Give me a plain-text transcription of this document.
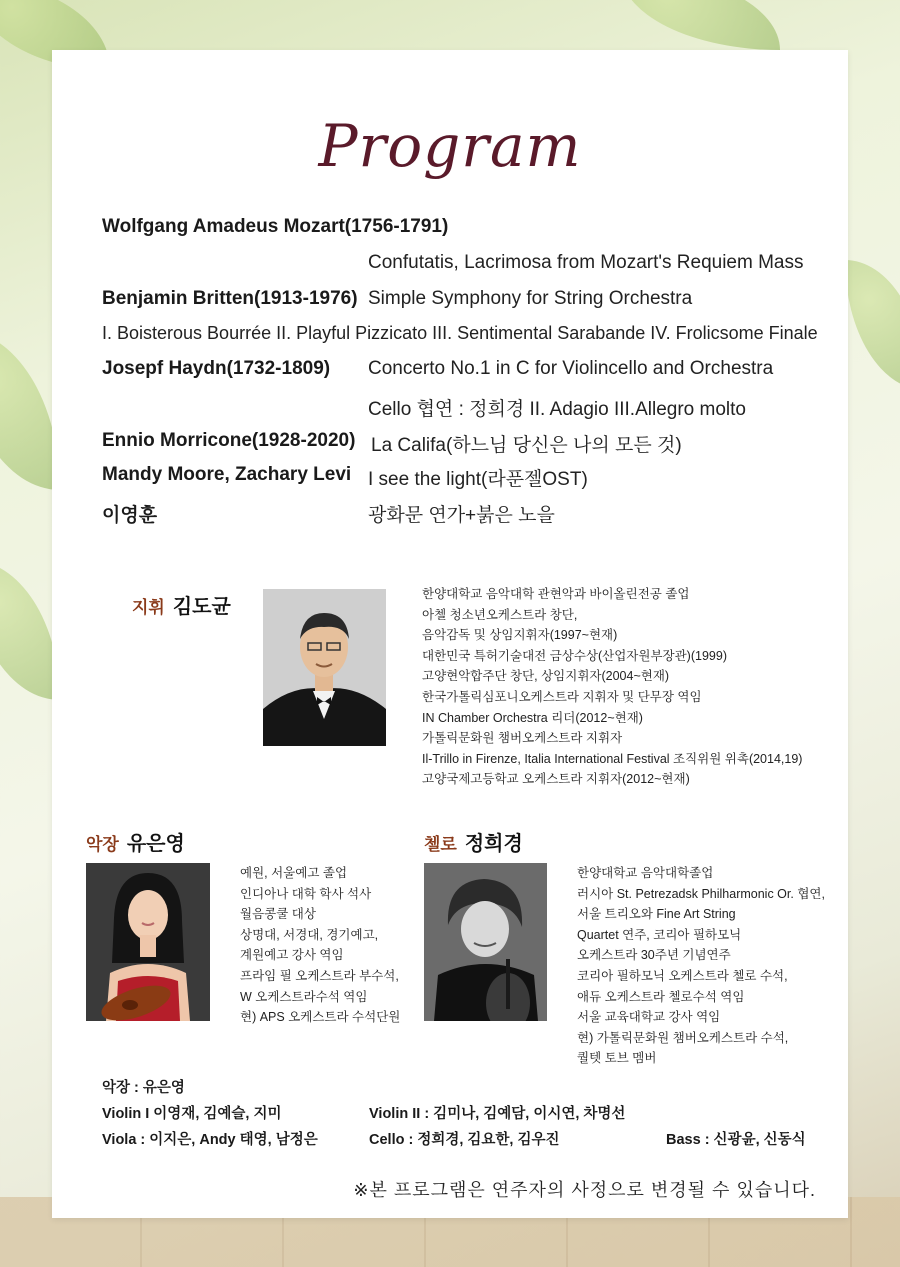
Program
Wolfgang Amadeus Mozart(1756-1791)
Confutatis, Lacrimosa from Mozart's Requiem Mass
Benjamin Britten(1913-1976) Simple Symphony for String Orchestra
I. Boisterous Bourrée II. Playful Pizzicato III. Sentimental Sarabande IV. Frolicsome Finale
Josepf Haydn(1732-1809) Concerto No.1 in C for Violincello and Orchestra
Cello 협연 : 정희경 II. Adagio III.Allegro molto
Ennio Morricone(1928-2020) La Califa(하느님 당신은 나의 모든 것)
Mandy Moore, Zachary Levi I see the light(라푼젤OST)
이영훈	광화문 연가+붉은 노을
지휘 김도균
한양대학교 음악대학 관현악과 바이올린전공 졸업
아첼 청소년오케스트라 창단,
음악감독 및 상임지휘자(1997~현재)
대한민국 특허기술대전 금상수상(산업자원부장관)(1999)
고양현악합주단 창단, 상임지휘자(2004~현재)
한국가톨릭심포니오케스트라 지휘자 및 단무장 역임
IN Chamber Orchestra 리더(2012~현재)
가톨릭문화원 챔버오케스트라 지휘자
Il-Trillo in Firenze, Italia International Festival 조직위원 위촉(2014,19)
고양국제고등학교 오케스트라 지휘자(2012~현재)
악장 유은영
예원, 서울예고 졸업
인디아나 대학 학사 석사
월음콩쿨 대상
상명대, 서경대, 경기예고,
계원예고 강사 역임
프라임 필 오케스트라 부수석,
W 오케스트라수석 역임
현) APS 오케스트라 수석단원
첼로 정희경
한양대학교 음악대학졸업
러시아 St. Petrezadsk Philharmonic Or. 협연,
서울 트리오와 Fine Art String
Quartet 연주, 코리아 필하모닉
오케스트라 30주년 기념연주
코리아 필하모닉 오케스트라 첼로 수석,
애듀 오케스트라 첼로수석 역임
서울 교육대학교 강사 역임
현) 가톨릭문화원 챔버오케스트라 수석,
퀄텟 토브 멤버
악장 : 유은영
Violin I 이영재, 김예슬, 지미	Violin II : 김미나, 김예담, 이시연, 차명선
Viola : 이지은, Andy 태영, 남정은	Cello : 정희경, 김요한, 김우진	Bass : 신광윤, 신동식
※본 프로그램은 연주자의 사정으로 변경될 수 있습니다.
